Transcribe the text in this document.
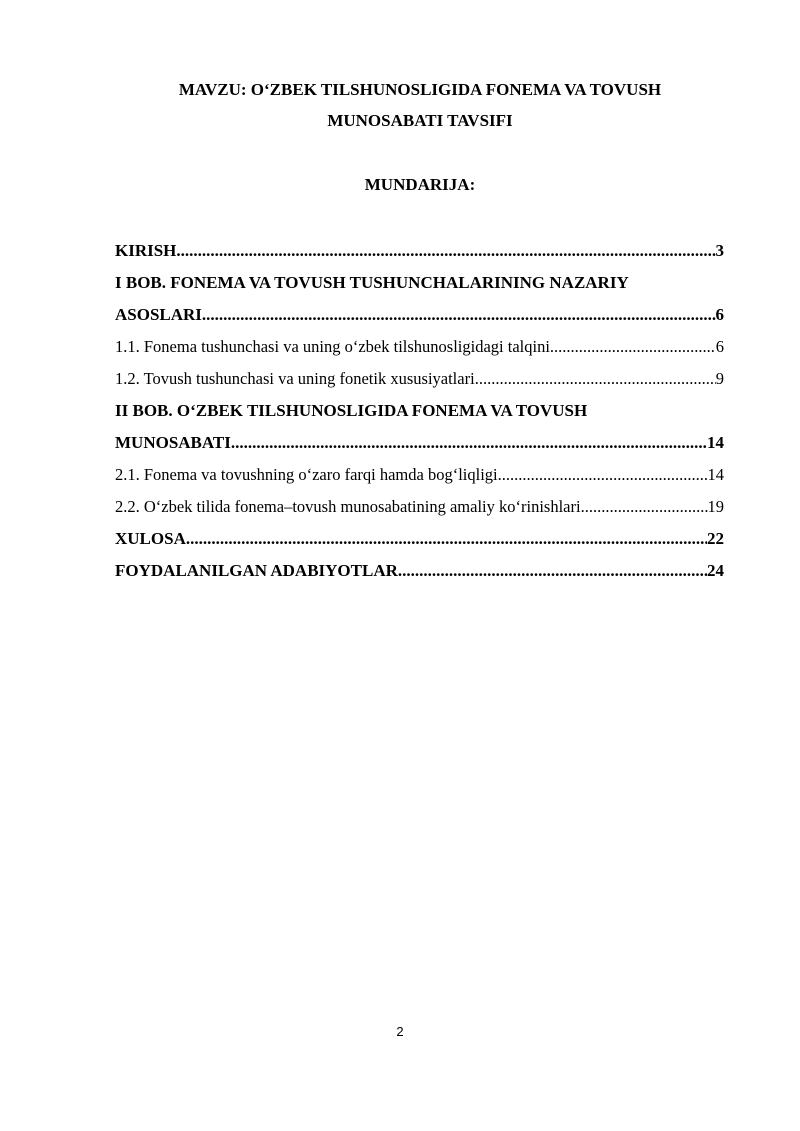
MAVZU: O‘ZBEK TILSHUNOSLIGIDA FONEMA VA TOVUSH
MUNOSABATI TAVSIFI
MUNDARIJA:
KIRISH .....	3
I BOB. FONEMA VA TOVUSH TUSHUNCHALARINING NAZARIY
ASOSLARI .....	6
1.1. Fonema tushunchasi va uning o‘zbek tilshunosligidagi talqini .....	6
1.2. Tovush tushunchasi va uning fonetik xususiyatlari .....	9
II BOB. O‘ZBEK TILSHUNOSLIGIDA FONEMA VA TOVUSH
MUNOSABATI .....	14
2.1. Fonema va tovushning o‘zaro farqi hamda bog‘liqligi .....	14
2.2. O‘zbek tilida fonema–tovush munosabatining amaliy ko‘rinishlari .....	19
XULOSA .....	22
FOYDALANILGAN ADABIYOTLAR .....	24
2
